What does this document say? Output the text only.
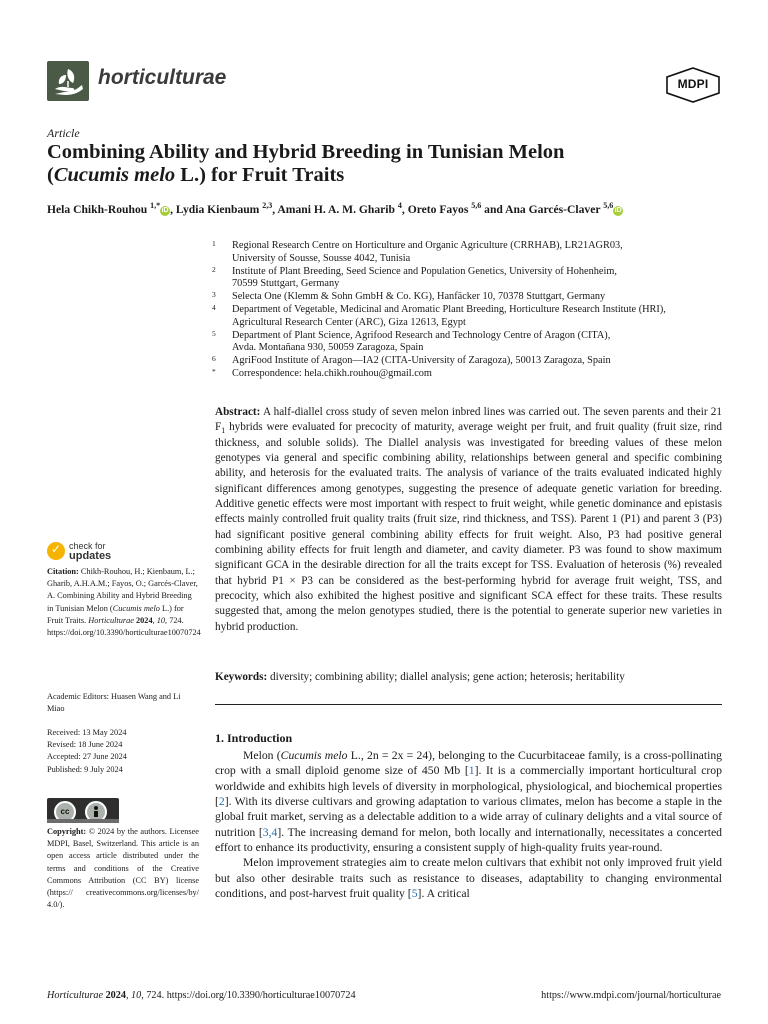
horticulturae	MDPI
Article
Combining Ability and Hybrid Breeding in Tunisian Melon
(Cucumis melo L.) for Fruit Traits
Hela Chikh-Rouhou $^{1,*}$iD , Lydia Kienbaum $^{2,3}$, Amani H. A. M. Gharib $^4$, Oreto Fayos $^{5,6}$ and Ana Garcés-Claver $^{5,6}$iD
1 Regional Research Centre on Horticulture and Organic Agriculture (CRRHAB), LR21AGR03,
University of Sousse, Sousse 4042, Tunisia
2 Institute of Plant Breeding, Seed Science and Population Genetics, University of Hohenheim,
70599 Stuttgart, Germany
3 Selecta One (Klemm & Sohn GmbH & Co. KG), Hanfäcker 10, 70378 Stuttgart, Germany
4 Department of Vegetable, Medicinal and Aromatic Plant Breeding, Horticulture Research Institute (HRI),
Agricultural Research Center (ARC), Giza 12613, Egypt
5 Department of Plant Science, Agrifood Research and Technology Centre of Aragon (CITA),
Avda. Montañana 930, 50059 Zaragoza, Spain
6 AgriFood Institute of Aragon—IA2 (CITA-University of Zaragoza), 50013 Zaragoza, Spain
* Correspondence: hela.chikh.rouhou@gmail.com
Abstract: A half-diallel cross study of seven melon inbred lines was carried out. The seven parents and their 21 $F_1$ hybrids were evaluated for precocity of maturity, average weight per fruit, and fruit quality (fruit size, rind thickness, and soluble solids). The Diallel analysis was investigated for breeding values of these melon genotypes via general and specific combining ability, relationships between general and specific combining ability, and heterosis for the evaluated traits. The analysis of variance of the traits evaluated indicated highly significant differences among genotypes, suggesting the presence of adequate genetic variation for breeding. Additive genetic effects were most important with respect to fruit weight, while genetic dominance and epistasis effects mainly controlled fruit quality traits (fruit size, rind thickness, and TSS). Parent 1 (P1) and parent 3 (P3) had significant positive general combining ability effects for fruit weight. Also, P3 had positive general combining ability effects for fruit length and diameter, and cavity diameter. P3 was found to show maximum significant GCA in the desirable direction for all the traits except for TSS. Evaluation of heterosis (%) revealed that hybrid P1 × P3 can be considered as the best-performing hybrid for average fruit weight, TSS, and precocity, which also exhibited the highest positive and significant SCA effect for these traits. These results suggested that, among the melon genotypes studied, there is the potential to generate superior new varieties in hybrid production.
Keywords: diversity; combining ability; diallel analysis; gene action; heterosis; heritability
1. Introduction

Melon (Cucumis melo L., 2n = 2x = 24), belonging to the Cucurbitaceae family, is a cross-pollinating crop with a small diploid genome size of 450 Mb [1]. It is a commercially important horticultural crop worldwide and exhibits high levels of diversity in morphological, physiological, and biochemical properties [2]. With its diverse cultivars and growing adaptation to various climates, melon has become a staple in the global fruit market, serving as a delectable addition to a wide array of culinary delights and a vital source of nutrition [3,4]. The increasing demand for melon, both locally and internationally, necessitates a concerted effort to enhance its productivity, ensuring a consistent supply of high-quality fruits year-round.

Melon improvement strategies aim to create melon cultivars that exhibit not only improved fruit yield but also other desirable traits such as resistance to diseases, adaptability to changing environmental conditions, and post-harvest fruit quality [5]. A critical

✓
check for
updates
Citation: Chikh-Rouhou, H.; Kienbaum, L.; Gharib, A.H.A.M.; Fayos, O.; Garcés-Claver, A. Combining Ability and Hybrid Breeding in Tunisian Melon (Cucumis melo L.) for Fruit Traits. Horticulturae 2024, 10, 724. https://doi.org/10.3390/horticulturae10070724
Academic Editors: Huasen Wang and Li Miao
Received: 13 May 2024
Revised: 18 June 2024
Accepted: 27 June 2024
Published: 9 July 2024
cc
Copyright: © 2024 by the authors. Licensee MDPI, Basel, Switzerland. This article is an open access article distributed under the terms and conditions of the Creative Commons Attribution (CC BY) license (https:// creativecommons.org/licenses/by/ 4.0/).
Horticulturae 2024, 10, 724. https://doi.org/10.3390/horticulturae10070724	https://www.mdpi.com/journal/horticulturae
